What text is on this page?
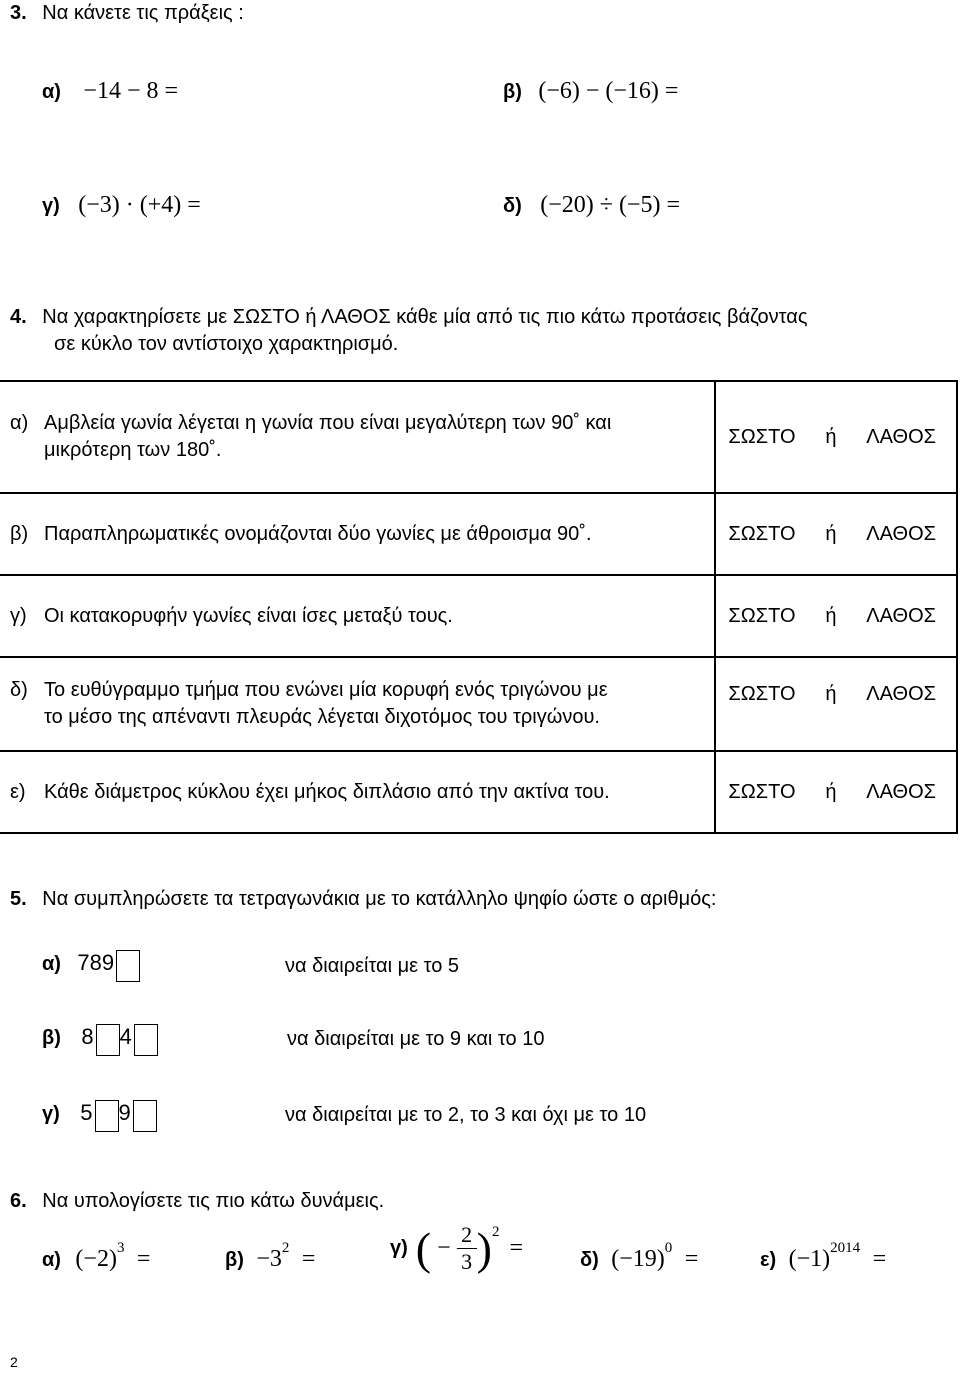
3. Να κάνετε τις πράξεις :
α) −14 − 8 =	β) (−6) − (−16) =
γ) (−3) · (+4) =	δ) (−20) ÷ (−5) =
4. Να χαρακτηρίσετε με ΣΩΣΤΟ ή ΛΑΘΟΣ κάθε μία από τις πιο κάτω προτάσεις βάζοντας
σε κύκλο τον αντίστοιχο χαρακτηρισμό.
α) Αμβλεία γωνία λέγεται η γωνία που είναι μεγαλύτερη των 90˚ και
μικρότερη των 180˚.	ΣΩΣΤΟ ή ΛΑΘΟΣ

β) Παραπληρωματικές ονομάζονται δύο γωνίες με άθροισμα 90˚.	ΣΩΣΤΟ ή ΛΑΘΟΣ

γ) Οι κατακορυφήν γωνίες είναι ίσες μεταξύ τους.	ΣΩΣΤΟ ή ΛΑΘΟΣ

δ) Το ευθύγραμμο τμήμα που ενώνει μία κορυφή ενός τριγώνου με
το μέσο της απέναντι πλευράς λέγεται διχοτόμος του τριγώνου.	ΣΩΣΤΟ ή ΛΑΘΟΣ

ε) Κάθε διάμετρος κύκλου έχει μήκος διπλάσιο από την ακτίνα του.	ΣΩΣΤΟ ή ΛΑΘΟΣ
5. Να συμπληρώσετε τα τετραγωνάκια με το κατάλληλο ψηφίο ώστε ο αριθμός:
α) 789	να διαιρείται με το 5
β) 8 4	να διαιρείται με το 9 και το 10
γ) 5 9	να διαιρείται με το 2, το 3 και όχι με το 10
6. Να υπολογίσετε τις πιο κάτω δυνάμεις.
α) $(-2)^3$ =	$\beta) -3^2$ =	γ) ( − $\frac{2}{3}$ ) 2
=	δ) $(-19)^0$ =	ε) $(-1)^{2014}$ =
2
